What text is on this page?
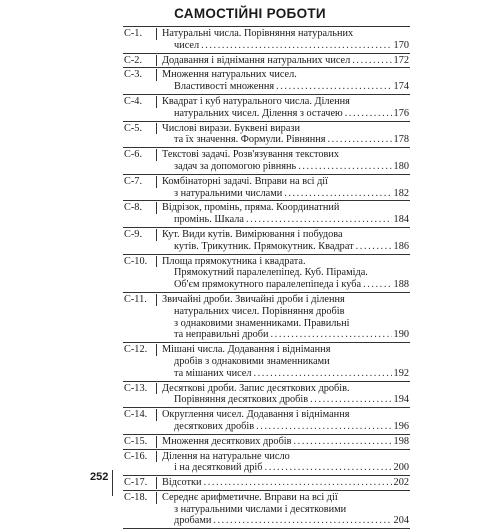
САМОСТІЙНІ РОБОТИ
С-1.	Натуральні числа. Порівняння натуральних
чисел . . .	170
С-2.	Додавання і віднімання натуральних чисел . . .	172
С-3.	Множення натуральних чисел.
Властивості множення . . .	174
С-4.	Квадрат і куб натурального числа. Ділення
натуральних чисел. Ділення з остачею . . .	176
С-5.	Числові вирази. Буквені вирази
та їх значення. Формули. Рівняння . . .	178
С-6.	Текстові задачі. Розв'язування текстових
задач за допомогою рівнянь . . .	180
С-7.	Комбінаторні задачі. Вправи на всі дії
з натуральними числами . . .	182
С-8.	Відрізок, промінь, пряма. Координатний
промінь. Шкала . . .	184
С-9.	Кут. Види кутів. Вимірювання і побудова
кутів. Трикутник. Прямокутник. Квадрат . . .	186
С-10.	Площа прямокутника і квадрата.
Прямокутний паралелепіпед. Куб. Піраміда.
Об'єм прямокутного паралелепіпеда і куба . . .	188
С-11.	Звичайні дроби. Звичайні дроби і ділення
натуральних чисел. Порівняння дробів
з однаковими знаменниками. Правильні
та неправильні дроби . . .	190
С-12.	Мішані числа. Додавання і віднімання
дробів з однаковими знаменниками
та мішаних чисел . . .	192
С-13.	Десяткові дроби. Запис десяткових дробів.
Порівняння десяткових дробів . . .	194
С-14.	Округлення чисел. Додавання і віднімання
десяткових дробів . . .	196
С-15.	Множення десяткових дробів . . .	198
С-16.	Ділення на натуральне число
і на десятковий дріб . . .	200
С-17.	Відсотки . . .	202
С-18.	Середнє арифметичне. Вправи на всі дії
з натуральними числами і десятковими
дробами . . .	204
252
